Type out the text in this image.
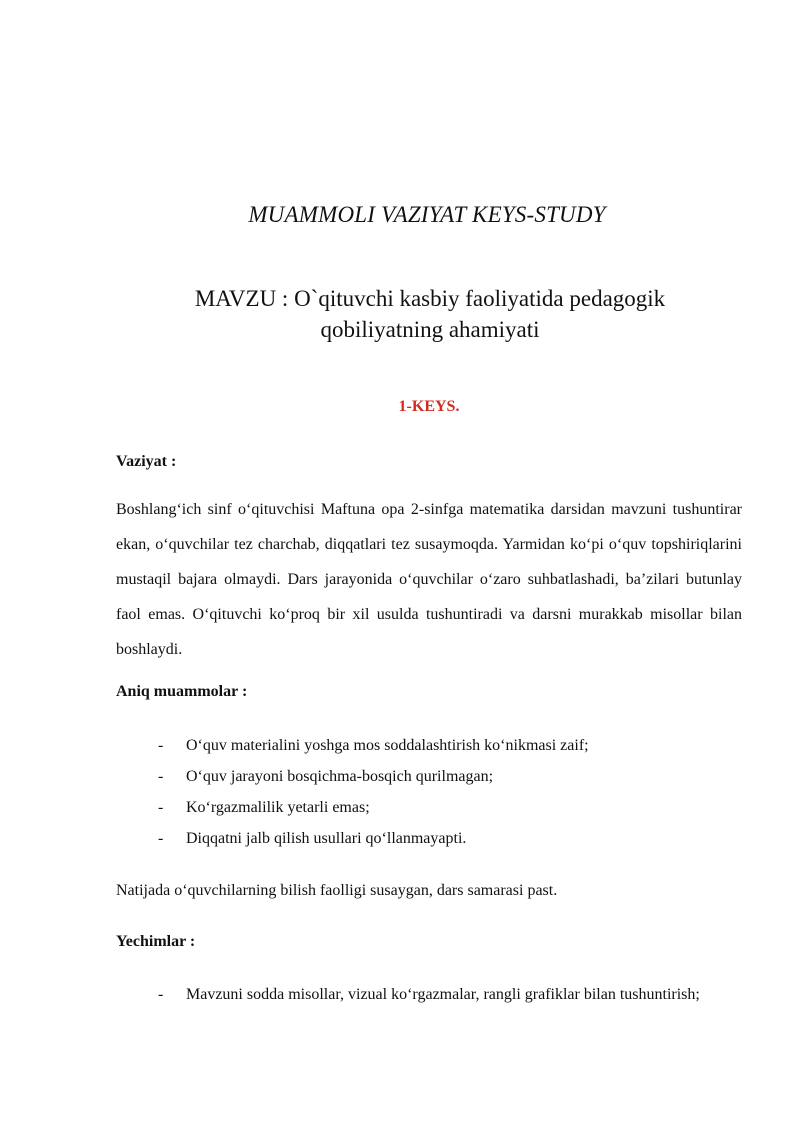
MUAMMOLI VAZIYAT KEYS-STUDY
MAVZU : O`qituvchi kasbiy faoliyatida pedagogik qobiliyatning ahamiyati
1-KEYS.
Vaziyat :
Boshlang‘ich sinf o‘qituvchisi Maftuna opa 2-sinfga matematika darsidan mavzuni tushuntirar ekan, o‘quvchilar tez charchab, diqqatlari tez susaymoqda. Yarmidan ko‘pi o‘quv topshiriqlarini mustaqil bajara olmaydi. Dars jarayonida o‘quvchilar o‘zaro suhbatlashadi, ba’zilari butunlay faol emas. O‘qituvchi ko‘proq bir xil usulda tushuntiradi va darsni murakkab misollar bilan boshlaydi.
Aniq muammolar :
- O‘quv materialini yoshga mos soddalashtirish ko‘nikmasi zaif;
- O‘quv jarayoni bosqichma-bosqich qurilmagan;
- Ko‘rgazmalilik yetarli emas;
- Diqqatni jalb qilish usullari qo‘llanmayapti.
Natijada o‘quvchilarning bilish faolligi susaygan, dars samarasi past.
Yechimlar :
- Mavzuni sodda misollar, vizual ko‘rgazmalar, rangli grafiklar bilan tushuntirish;
